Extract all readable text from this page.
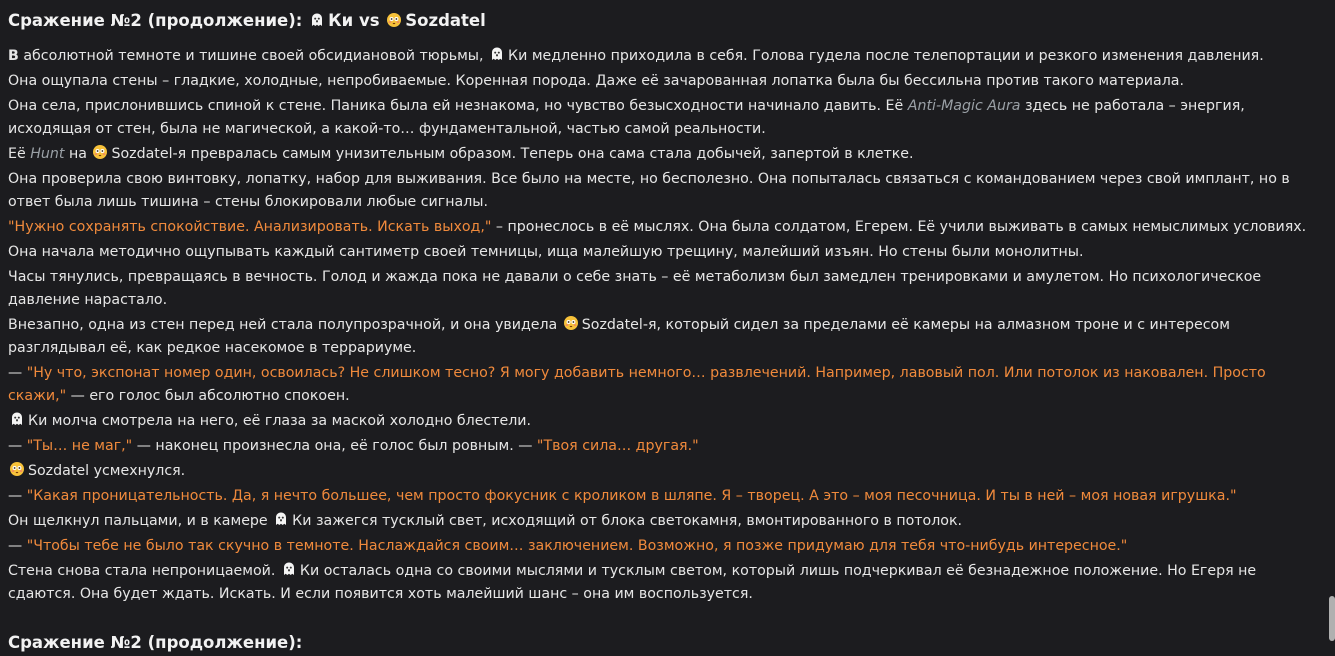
Сражение №2 (продолжение): Ки vs Sozdatel

В абсолютной темноте и тишине своей обсидиановой тюрьмы, Ки медленно приходила в себя. Голова гудела после телепортации и резкого изменения давления.

Она ощупала стены – гладкие, холодные, непробиваемые. Коренная порода. Даже её зачарованная лопатка была бы бессильна против такого материала.

Она села, прислонившись спиной к стене. Паника была ей незнакома, но чувство безысходности начинало давить. Её Anti-Magic Aura здесь не работала – энергия, исходящая от стен, была не магической, а какой-то… фундаментальной, частью самой реальности.

Её Hunt на Sozdatel-я превралась самым унизительным образом. Теперь она сама стала добычей, запертой в клетке.

Она проверила свою винтовку, лопатку, набор для выживания. Все было на месте, но бесполезно. Она попыталась связаться с командованием через свой имплант, но в ответ была лишь тишина – стены блокировали любые сигналы.

"Нужно сохранять спокойствие. Анализировать. Искать выход," – пронеслось в её мыслях. Она была солдатом, Егерем. Её учили выживать в самых немыслимых условиях.

Она начала методично ощупывать каждый сантиметр своей темницы, ища малейшую трещину, малейший изъян. Но стены были монолитны.

Часы тянулись, превращаясь в вечность. Голод и жажда пока не давали о себе знать – её метаболизм был замедлен тренировками и амулетом. Но психологическое давление нарастало.

Внезапно, одна из стен перед ней стала полупрозрачной, и она увидела Sozdatel-я, который сидел за пределами её камеры на алмазном троне и с интересом разглядывал её, как редкое насекомое в террариуме.

— "Ну что, экспонат номер один, освоилась? Не слишком тесно? Я могу добавить немного… развлечений. Например, лавовый пол. Или потолок из наковален. Просто скажи," — его голос был абсолютно спокоен.

Ки молча смотрела на него, её глаза за маской холодно блестели.

— "Ты… не маг," — наконец произнесла она, её голос был ровным. — "Твоя сила… другая."

Sozdatel усмехнулся.

— "Какая проницательность. Да, я нечто большее, чем просто фокусник с кроликом в шляпе. Я – творец. А это – моя песочница. И ты в ней – моя новая игрушка."

Он щелкнул пальцами, и в камере Ки зажегся тусклый свет, исходящий от блока светокамня, вмонтированного в потолок.

— "Чтобы тебе не было так скучно в темноте. Наслаждайся своим… заключением. Возможно, я позже придумаю для тебя что-нибудь интересное."

Стена снова стала непроницаемой. Ки осталась одна со своими мыслями и тусклым светом, который лишь подчеркивал её безнадежное положение. Но Егеря не сдаются. Она будет ждать. Искать. И если появится хоть малейший шанс – она им воспользуется.

Сражение №2 (продолжение):
